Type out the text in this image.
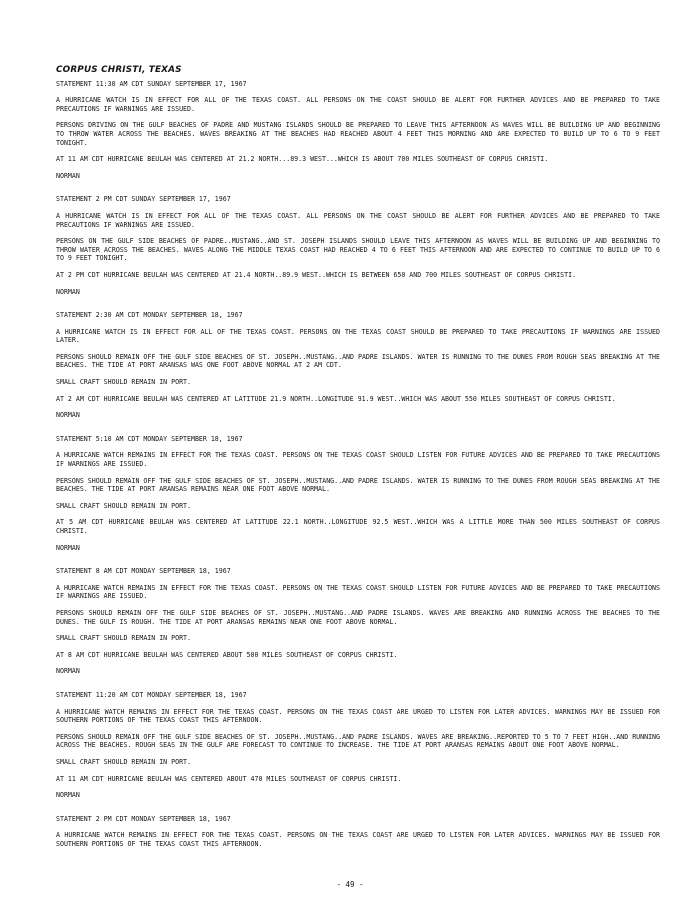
CORPUS CHRISTI, TEXAS
STATEMENT 11:30 AM CDT SUNDAY SEPTEMBER 17, 1967
A HURRICANE WATCH IS IN EFFECT FOR ALL OF THE TEXAS COAST. ALL PERSONS ON THE COAST SHOULD BE ALERT FOR FURTHER ADVICES AND BE PREPARED TO TAKE PRECAUTIONS IF WARNINGS ARE ISSUED.
PERSONS DRIVING ON THE GULF BEACHES OF PADRE AND MUSTANG ISLANDS SHOULD BE PREPARED TO LEAVE THIS AFTERNOON AS WAVES WILL BE BUILDING UP AND BEGINNING TO THROW WATER ACROSS THE BEACHES. WAVES BREAKING AT THE BEACHES HAD REACHED ABOUT 4 FEET THIS MORNING AND ARE EXPECTED TO BUILD UP TO 6 TO 9 FEET TONIGHT.
AT 11 AM CDT HURRICANE BEULAH WAS CENTERED AT 21.2 NORTH...89.3 WEST...WHICH IS ABOUT 700 MILES SOUTHEAST OF CORPUS CHRISTI.
NORMAN
STATEMENT 2 PM CDT SUNDAY SEPTEMBER 17, 1967
A HURRICANE WATCH IS IN EFFECT FOR ALL OF THE TEXAS COAST. ALL PERSONS ON THE COAST SHOULD BE ALERT FOR FURTHER ADVICES AND BE PREPARED TO TAKE PRECAUTIONS IF WARNINGS ARE ISSUED.
PERSONS ON THE GULF SIDE BEACHES OF PADRE..MUSTANG..AND ST. JOSEPH ISLANDS SHOULD LEAVE THIS AFTERNOON AS WAVES WILL BE BUILDING UP AND BEGINNING TO THROW WATER ACROSS THE BEACHES. WAVES ALONG THE MIDDLE TEXAS COAST HAD REACHED 4 TO 6 FEET THIS AFTERNOON AND ARE EXPECTED TO CONTINUE TO BUILD UP TO 6 TO 9 FEET TONIGHT.
AT 2 PM CDT HURRICANE BEULAH WAS CENTERED AT 21.4 NORTH..89.9 WEST..WHICH IS BETWEEN 650 AND 700 MILES SOUTHEAST OF CORPUS CHRISTI.
NORMAN
STATEMENT 2:30 AM CDT MONDAY SEPTEMBER 18, 1967
A HURRICANE WATCH IS IN EFFECT FOR ALL OF THE TEXAS COAST. PERSONS ON THE TEXAS COAST SHOULD BE PREPARED TO TAKE PRECAUTIONS IF WARNINGS ARE ISSUED LATER.
PERSONS SHOULD REMAIN OFF THE GULF SIDE BEACHES OF ST. JOSEPH..MUSTANG..AND PADRE ISLANDS. WATER IS RUNNING TO THE DUNES FROM ROUGH SEAS BREAKING AT THE BEACHES. THE TIDE AT PORT ARANSAS WAS ONE FOOT ABOVE NORMAL AT 2 AM CDT.
SMALL CRAFT SHOULD REMAIN IN PORT.
AT 2 AM CDT HURRICANE BEULAH WAS CENTERED AT LATITUDE 21.9 NORTH..LONGITUDE 91.9 WEST..WHICH WAS ABOUT 550 MILES SOUTHEAST OF CORPUS CHRISTI.
NORMAN
STATEMENT 5:10 AM CDT MONDAY SEPTEMBER 18, 1967
A HURRICANE WATCH REMAINS IN EFFECT FOR THE TEXAS COAST. PERSONS ON THE TEXAS COAST SHOULD LISTEN FOR FUTURE ADVICES AND BE PREPARED TO TAKE PRECAUTIONS IF WARNINGS ARE ISSUED.
PERSONS SHOULD REMAIN OFF THE GULF SIDE BEACHES OF ST. JOSEPH..MUSTANG..AND PADRE ISLANDS. WATER IS RUNNING TO THE DUNES FROM ROUGH SEAS BREAKING AT THE BEACHES. THE TIDE AT PORT ARANSAS REMAINS NEAR ONE FOOT ABOVE NORMAL.
SMALL CRAFT SHOULD REMAIN IN PORT.
AT 5 AM CDT HURRICANE BEULAH WAS CENTERED AT LATITUDE 22.1 NORTH..LONGITUDE 92.5 WEST..WHICH WAS A LITTLE MORE THAN 500 MILES SOUTHEAST OF CORPUS CHRISTI.
NORMAN
STATEMENT 8 AM CDT MONDAY SEPTEMBER 18, 1967
A HURRICANE WATCH REMAINS IN EFFECT FOR THE TEXAS COAST. PERSONS ON THE TEXAS COAST SHOULD LISTEN FOR FUTURE ADVICES AND BE PREPARED TO TAKE PRECAUTIONS IF WARNINGS ARE ISSUED.
PERSONS SHOULD REMAIN OFF THE GULF SIDE BEACHES OF ST. JOSEPH..MUSTANG..AND PADRE ISLANDS. WAVES ARE BREAKING AND RUNNING ACROSS THE BEACHES TO THE DUNES. THE GULF IS ROUGH. THE TIDE AT PORT ARANSAS REMAINS NEAR ONE FOOT ABOVE NORMAL.
SMALL CRAFT SHOULD REMAIN IN PORT.
AT 8 AM CDT HURRICANE BEULAH WAS CENTERED ABOUT 500 MILES SOUTHEAST OF CORPUS CHRISTI.
NORMAN
STATEMENT 11:20 AM CDT MONDAY SEPTEMBER 18, 1967
A HURRICANE WATCH REMAINS IN EFFECT FOR THE TEXAS COAST. PERSONS ON THE TEXAS COAST ARE URGED TO LISTEN FOR LATER ADVICES. WARNINGS MAY BE ISSUED FOR SOUTHERN PORTIONS OF THE TEXAS COAST THIS AFTERNOON.
PERSONS SHOULD REMAIN OFF THE GULF SIDE BEACHES OF ST. JOSEPH..MUSTANG..AND PADRE ISLANDS. WAVES ARE BREAKING..REPORTED TO 5 TO 7 FEET HIGH..AND RUNNING ACROSS THE BEACHES. ROUGH SEAS IN THE GULF ARE FORECAST TO CONTINUE TO INCREASE. THE TIDE AT PORT ARANSAS REMAINS ABOUT ONE FOOT ABOVE NORMAL.
SMALL CRAFT SHOULD REMAIN IN PORT.
AT 11 AM CDT HURRICANE BEULAH WAS CENTERED ABOUT 470 MILES SOUTHEAST OF CORPUS CHRISTI.
NORMAN
STATEMENT 2 PM CDT MONDAY SEPTEMBER 18, 1967
A HURRICANE WATCH REMAINS IN EFFECT FOR THE TEXAS COAST. PERSONS ON THE TEXAS COAST ARE URGED TO LISTEN FOR LATER ADVICES. WARNINGS MAY BE ISSUED FOR SOUTHERN PORTIONS OF THE TEXAS COAST THIS AFTERNOON.
- 49 -
